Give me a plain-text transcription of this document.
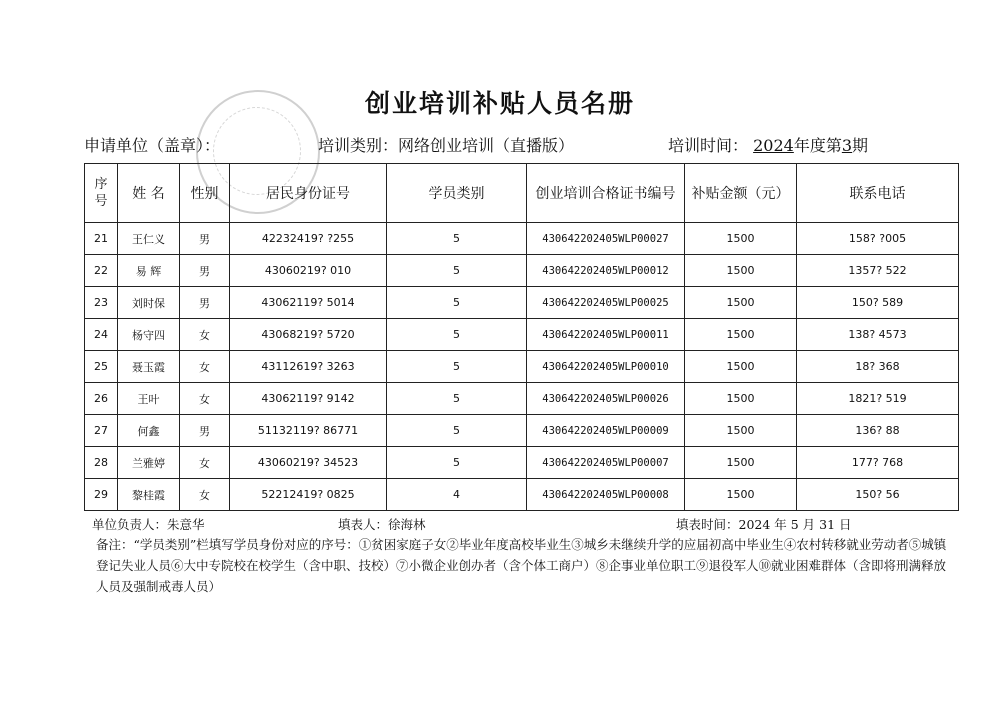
创业培训补贴人员名册
申请单位（盖章）：	培训类别：网络创业培训（直播版）	培训时间： 2024年度第3期
序
号	姓 名	性别	居民身份证号	学员类别	创业培训合格证书编号	补贴金额（元）	联系电话
21	王仁义	男	42232419? ?255	5	430642202405WLP00027	1500	158? ?005
22	易 辉	男	43060219? 010	5	430642202405WLP00012	1500	1357? 522
23	刘时保	男	43062119? 5014	5	430642202405WLP00025	1500	150? 589
24	杨守四	女	43068219? 5720	5	430642202405WLP00011	1500	138? 4573
25	聂玉霞	女	43112619? 3263	5	430642202405WLP00010	1500	18? 368
26	王叶	女	43062119? 9142	5	430642202405WLP00026	1500	1821? 519
27	何鑫	男	51132119? 86771	5	430642202405WLP00009	1500	136? 88
28	兰雅婷	女	43060219? 34523	5	430642202405WLP00007	1500	177? 768
29	黎桂霞	女	52212419? 0825	4	430642202405WLP00008	1500	150? 56
单位负责人：朱意华	填表人：徐海林	填表时间：2024 年 5 月 31 日
备注：“学员类别”栏填写学员身份对应的序号：①贫困家庭子女②毕业年度高校毕业生③城乡未继续升学的应届初高中毕业生④农村转移就业劳动者⑤城镇登记失业人员⑥大中专院校在校学生（含中职、技校）⑦小微企业创办者（含个体工商户）⑧企事业单位职工⑨退役军人⑩就业困难群体（含即将刑满释放人员及强制戒毒人员）
